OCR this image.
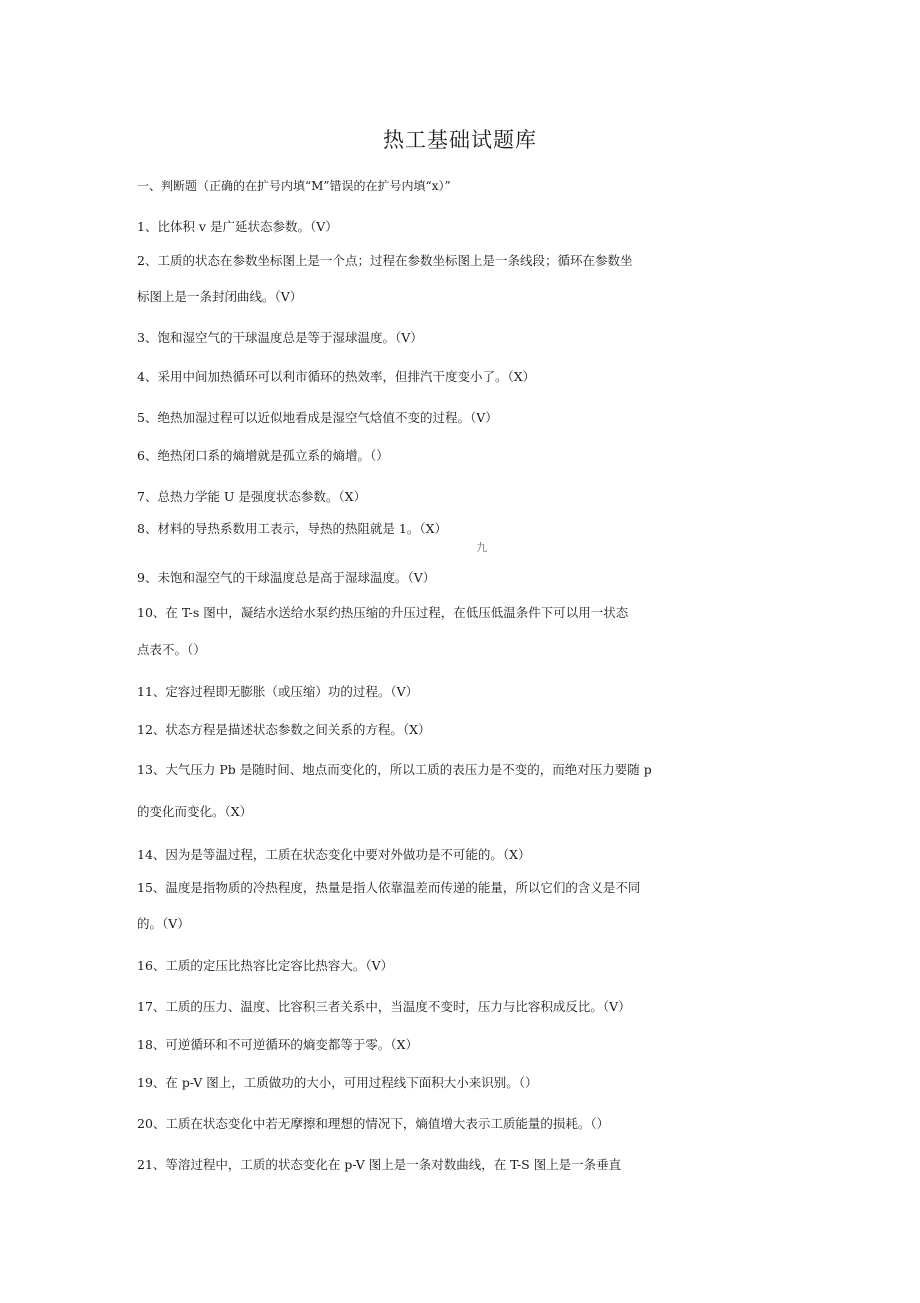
热工基础试题库
一、判断题（正确的在扩号内填“M”错误的在扩号内填“x）”
1、比体积 v 是广延状态参数。（V）
2、工质的状态在参数坐标图上是一个点；过程在参数坐标图上是一条线段；循环在参数坐
标图上是一条封闭曲线。（V）
3、饱和湿空气的干球温度总是等于湿球温度。（V）
4、采用中间加热循环可以利市循环的热效率，但排汽干度变小了。（X）
5、绝热加湿过程可以近似地看成是湿空气焓值不变的过程。（V）
6、绝热闭口系的熵增就是孤立系的熵增。（）
7、总热力学能 U 是强度状态参数。（X）
8、材料的导热系数用工表示，导热的热阻就是 1。（X）
九
9、未饱和湿空气的干球温度总是高于湿球温度。（V）
10、在 T-s 图中，凝结水送给水泵约热压缩的升压过程，在低压低温条件下可以用一状态
点表不。（）
11、定容过程即无膨胀（或压缩）功的过程。（V）
12、状态方程是描述状态参数之间关系的方程。（X）
13、大气压力 Pb 是随时间、地点而变化的，所以工质的表压力是不变的，而绝对压力要随 p
的变化而变化。（X）
14、因为是等温过程，工质在状态变化中要对外做功是不可能的。（X）
15、温度是指物质的冷热程度，热量是指人依靠温差而传递的能量，所以它们的含义是不同
的。（V）
16、工质的定压比热容比定容比热容大。（V）
17、工质的压力、温度、比容积三者关系中，当温度不变时，压力与比容积成反比。（V）
18、可逆循环和不可逆循环的熵变都等于零。（X）
19、在 p-V 图上，工质做功的大小，可用过程线下面积大小来识别。（）
20、工质在状态变化中若无摩擦和理想的情况下，熵值增大表示工质能量的损耗。（）
21、等溶过程中，工质的状态变化在 p-V 图上是一条对数曲线，在 T-S 图上是一条垂直
